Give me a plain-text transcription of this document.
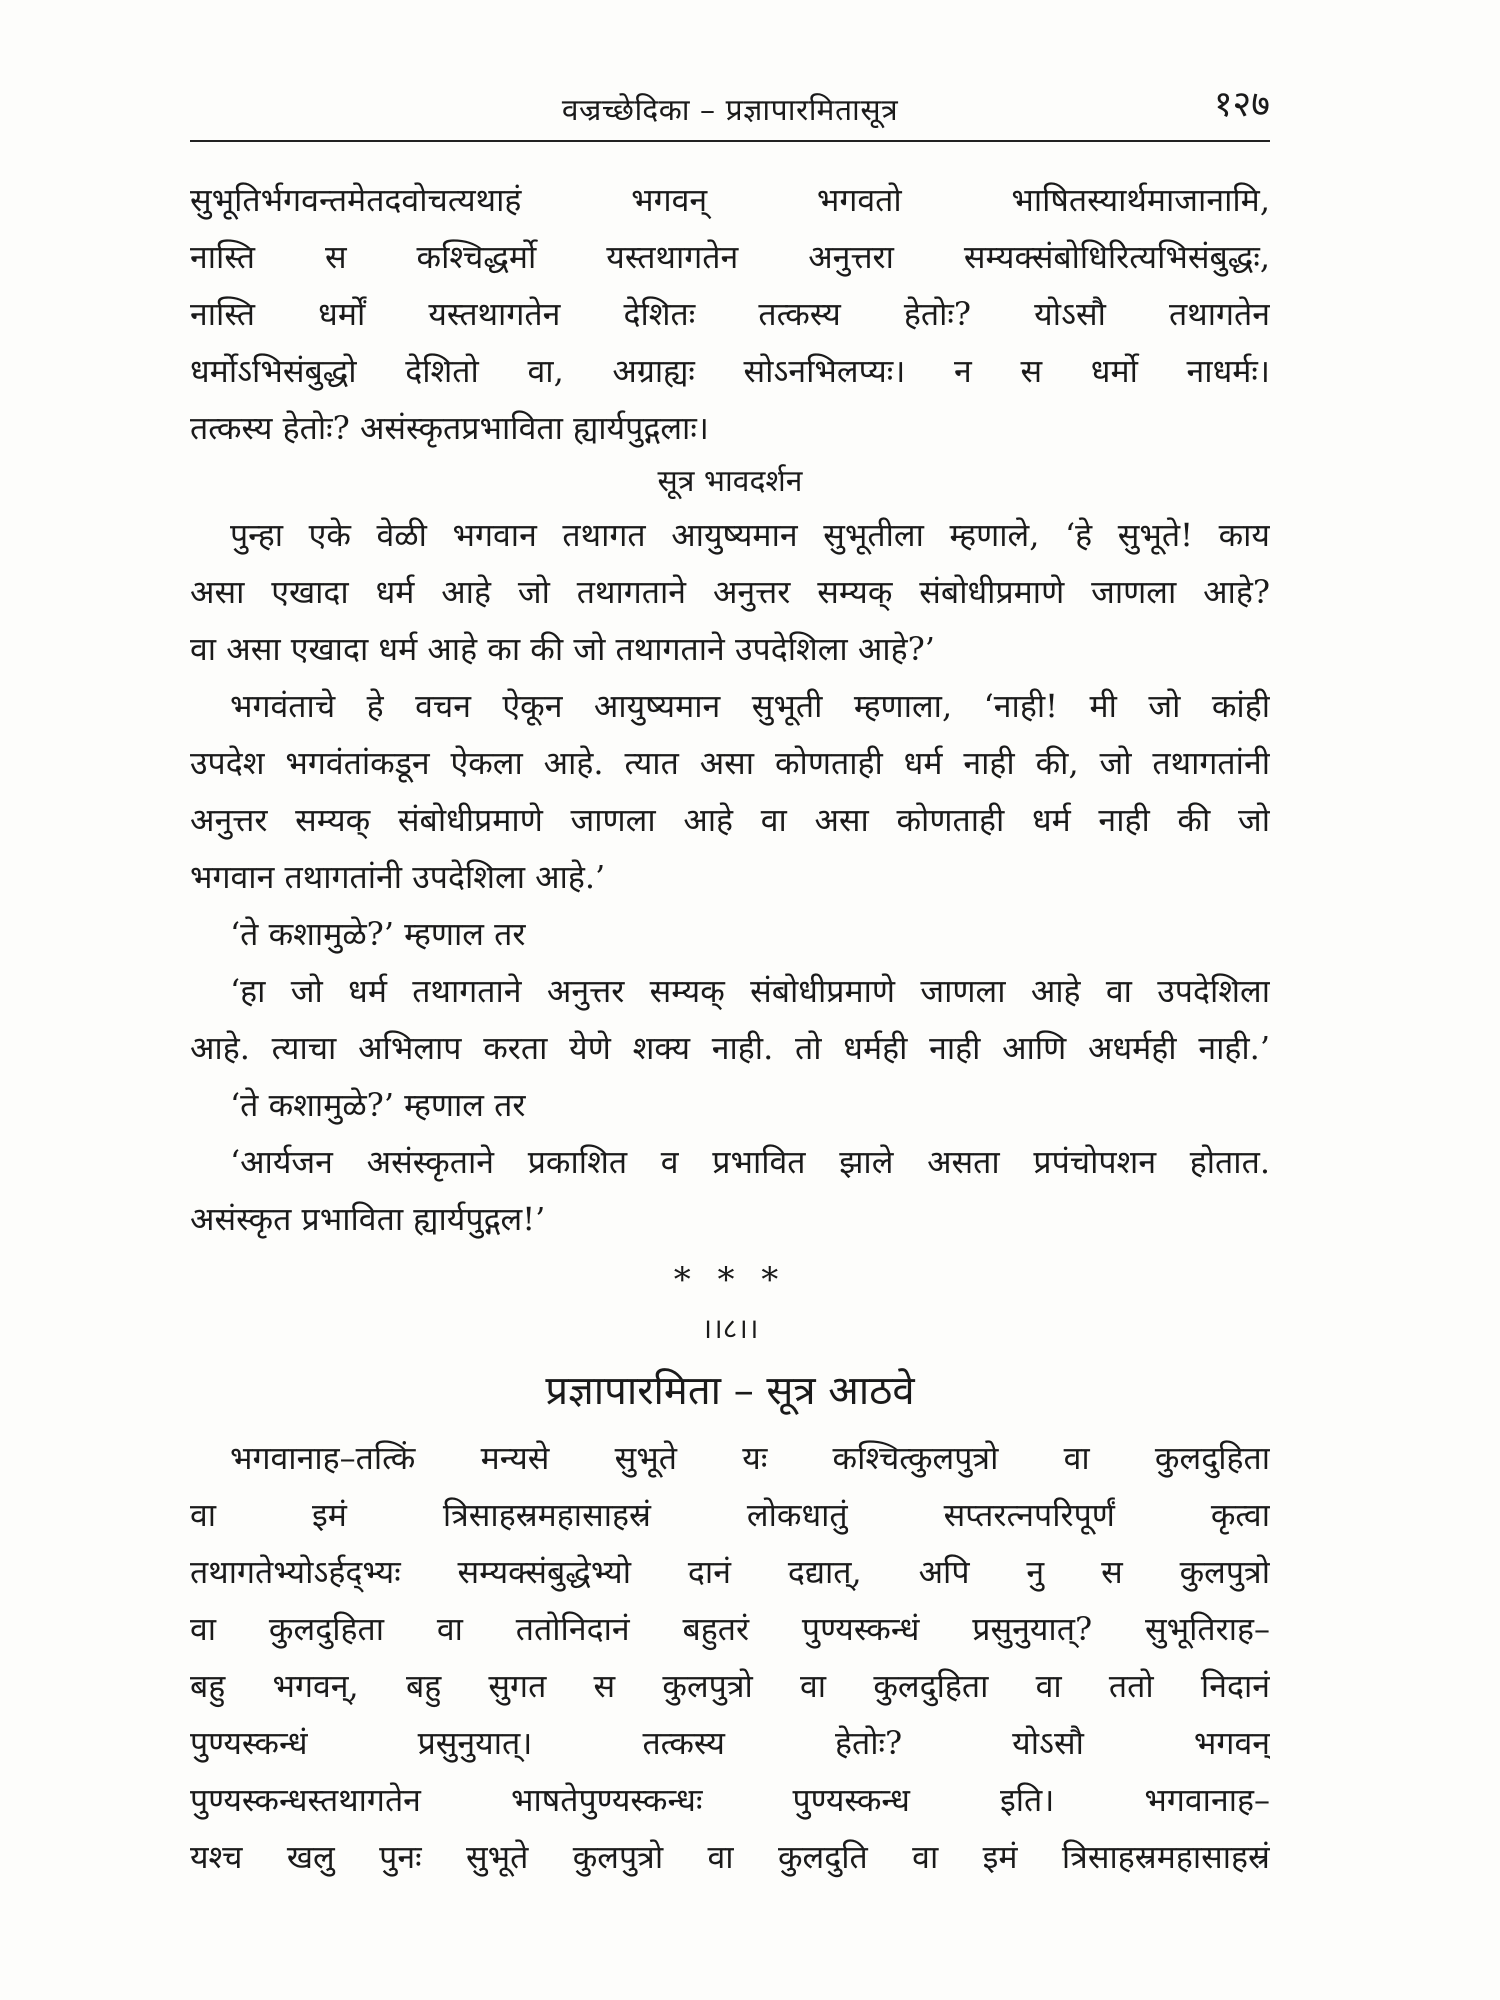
वज्रच्छेदिका – प्रज्ञापारमितासूत्र	१२७
सुभूतिर्भगवन्तमेतदवोचत्यथाहं भगवन् भगवतो भाषितस्यार्थमाजानामि,
नास्ति स कश्चिद्धर्मो यस्तथागतेन अनुत्तरा सम्यक्संबोधिरित्यभिसंबुद्धः,
नास्ति धर्मों यस्तथागतेन देशितः तत्कस्य हेतोः? योऽसौ तथागतेन
धर्मोऽभिसंबुद्धो देशितो वा, अग्राह्यः सोऽनभिलप्यः। न स धर्मो नाधर्मः।
तत्कस्य हेतोः? असंस्कृतप्रभाविता ह्यार्यपुद्गलाः।
सूत्र भावदर्शन
पुन्हा एके वेळी भगवान तथागत आयुष्यमान सुभूतीला म्हणाले, ‘हे सुभूते! काय
असा एखादा धर्म आहे जो तथागताने अनुत्तर सम्यक् संबोधीप्रमाणे जाणला आहे?
वा असा एखादा धर्म आहे का की जो तथागताने उपदेशिला आहे?’
भगवंताचे हे वचन ऐकून आयुष्यमान सुभूती म्हणाला, ‘नाही! मी जो कांही
उपदेश भगवंतांकडून ऐकला आहे. त्यात असा कोणताही धर्म नाही की, जो तथागतांनी
अनुत्तर सम्यक् संबोधीप्रमाणे जाणला आहे वा असा कोणताही धर्म नाही की जो
भगवान तथागतांनी उपदेशिला आहे.’
‘ते कशामुळे?’ म्हणाल तर
‘हा जो धर्म तथागताने अनुत्तर सम्यक् संबोधीप्रमाणे जाणला आहे वा उपदेशिला
आहे. त्याचा अभिलाप करता येणे शक्य नाही. तो धर्मही नाही आणि अधर्मही नाही.’
‘ते कशामुळे?’ म्हणाल तर
‘आर्यजन असंस्कृताने प्रकाशित व प्रभावित झाले असता प्रपंचोपशन होतात.
असंस्कृत प्रभाविता ह्यार्यपुद्गल!’
* * *
।।८।।
प्रज्ञापारमिता – सूत्र आठवे
भगवानाह–तत्किं मन्यसे सुभूते यः कश्चित्कुलपुत्रो वा कुलदुहिता
वा इमं त्रिसाहस्रमहासाहस्रं लोकधातुं सप्तरत्नपरिपूर्णं कृत्वा
तथागतेभ्योऽर्हद्भ्यः सम्यक्संबुद्धेभ्यो दानं दद्यात्, अपि नु स कुलपुत्रो
वा कुलदुहिता वा ततोनिदानं बहुतरं पुण्यस्कन्धं प्रसुनुयात्? सुभूतिराह–
बहु भगवन्, बहु सुगत स कुलपुत्रो वा कुलदुहिता वा ततो निदानं
पुण्यस्कन्धं प्रसुनुयात्। तत्कस्य हेतोः? योऽसौ भगवन्
पुण्यस्कन्धस्तथागतेन भाषतेपुण्यस्कन्धः पुण्यस्कन्ध इति। भगवानाह–
यश्च खलु पुनः सुभूते कुलपुत्रो वा कुलदुति वा इमं त्रिसाहस्रमहासाहस्रं
